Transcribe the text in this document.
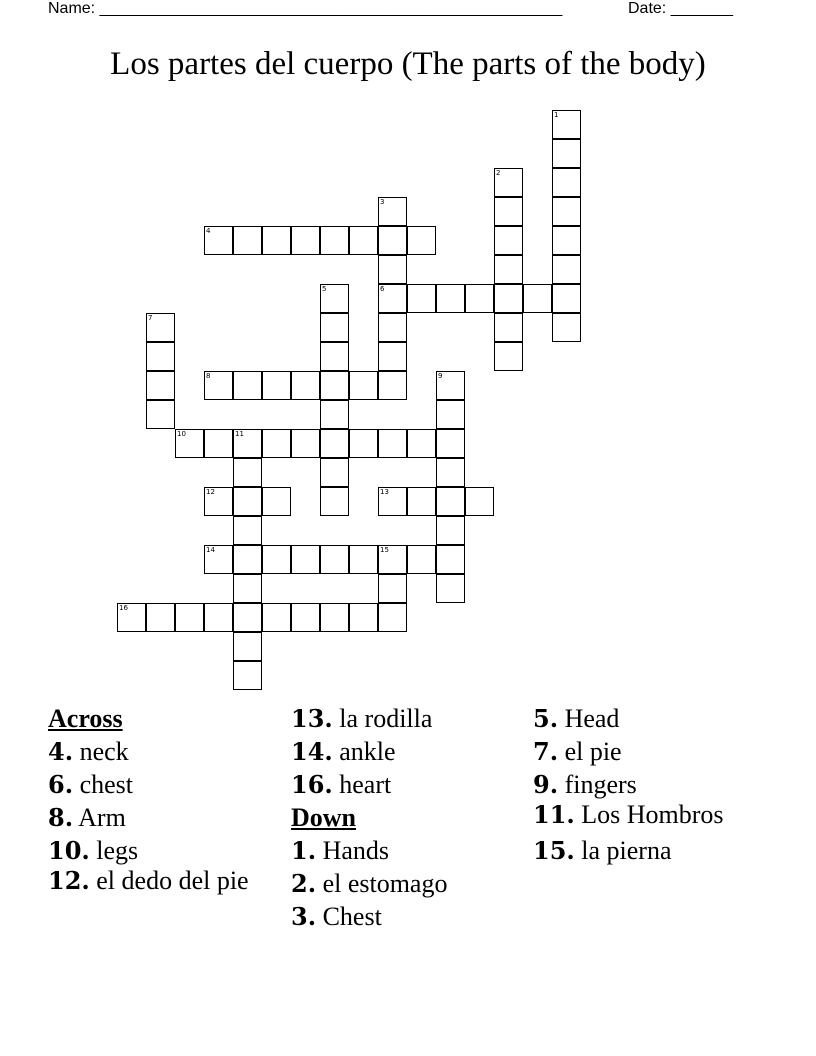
Name: ____________________________________________________	Date: _______
Los partes del cuerpo (The parts of the body)
1
2
3
6
4
5
7
8	9
10	11
12	13
14	15
16
Across
4. neck
6. chest
8. Arm
10. legs
12. el dedo del pie
13. la rodilla
14. ankle
16. heart
Down
1. Hands
2. el estomago
3. Chest
5. Head
7. el pie
9. fingers
11. Los Hombros
15. la pierna
